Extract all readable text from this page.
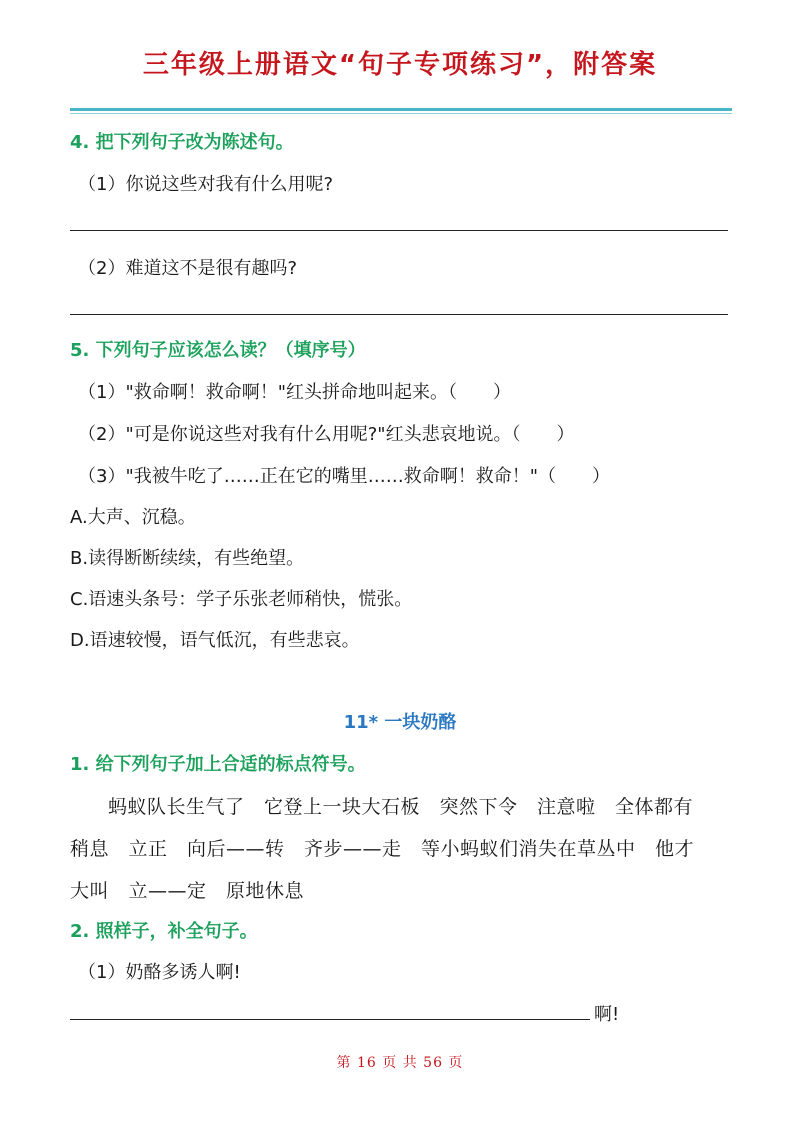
三年级上册语文“句子专项练习”，附答案
4. 把下列句子改为陈述句。
（1）你说这些对我有什么用呢?
（2）难道这不是很有趣吗?
5. 下列句子应该怎么读？（填序号）
（1）"救命啊！救命啊！"红头拼命地叫起来。（　　）
（2）"可是你说这些对我有什么用呢?"红头悲哀地说。（　　）
（3）"我被牛吃了……正在它的嘴里……救命啊！救命！"（　　）
A.大声、沉稳。
B.读得断断续续，有些绝望。
C.语速头条号：学子乐张老师稍快，慌张。
D.语速较慢，语气低沉，有些悲哀。
11* 一块奶酪
1. 给下列句子加上合适的标点符号。
蚂蚁队长生气了　它登上一块大石板　突然下令　注意啦　全体都有
稍息　立正　向后——转　齐步——走　等小蚂蚁们消失在草丛中　他才
大叫　立——定　原地休息
2. 照样子，补全句子。
（1）奶酪多诱人啊!
啊!
第 16 页 共 56 页
